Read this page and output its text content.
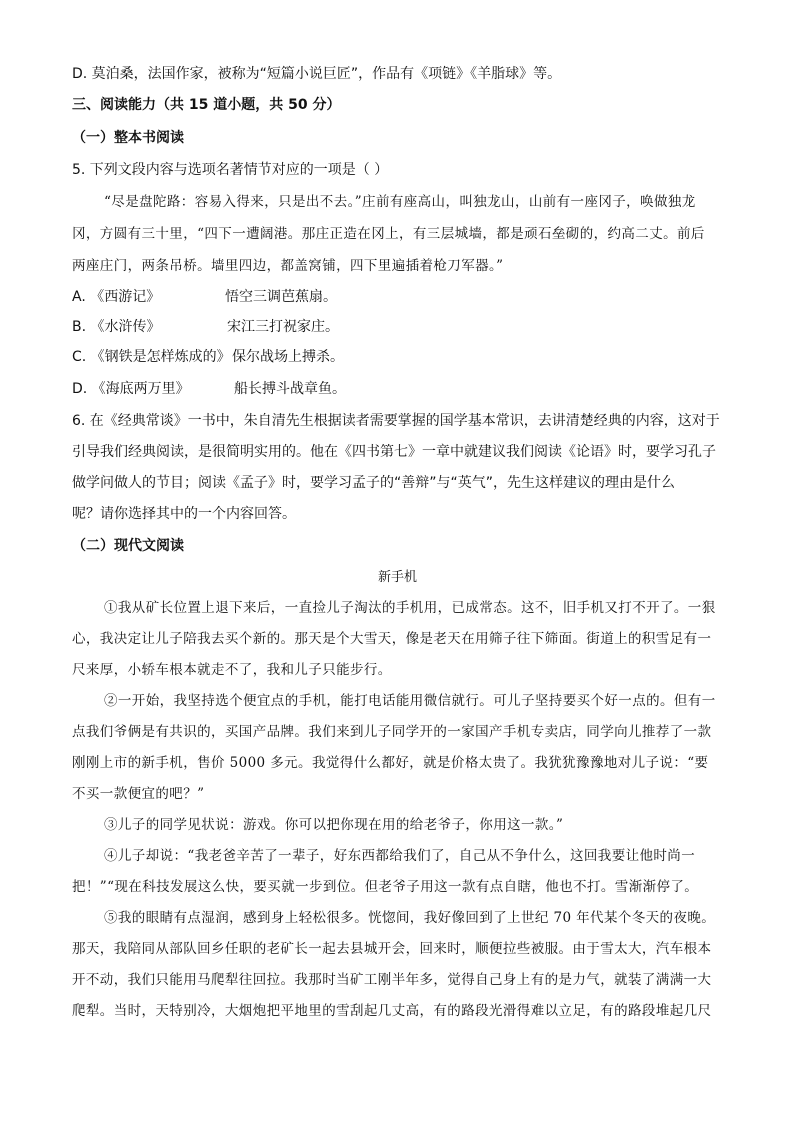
D. 莫泊桑，法国作家，被称为“短篇小说巨匠”，作品有《项链》《羊脂球》等。
三、阅读能力（共 15 道小题，共 50 分）
（一）整本书阅读
5. 下列文段内容与选项名著情节对应的一项是（ ）
“尽是盘陀路：容易入得来，只是出不去。”庄前有座高山，叫独龙山，山前有一座冈子，唤做独龙
冈，方圆有三十里，“四下一遭阔港。那庄正造在冈上，有三层城墙，都是顽石垒砌的，约高二丈。前后
两座庄门，两条吊桥。墙里四边，都盖窝铺，四下里遍插着枪刀军器。”
A. 《西游记》	悟空三调芭蕉扇。
B. 《水浒传》	宋江三打祝家庄。
C. 《钢铁是怎样炼成的》保尔战场上搏杀。
D. 《海底两万里》	船长搏斗战章鱼。
6. 在《经典常谈》一书中，朱自清先生根据读者需要掌握的国学基本常识，去讲清楚经典的内容，这对于
引导我们经典阅读，是很简明实用的。他在《四书第七》一章中就建议我们阅读《论语》时，要学习孔子
做学问做人的节目；阅读《孟子》时，要学习孟子的“善辩”与“英气”，先生这样建议的理由是什么
呢？请你选择其中的一个内容回答。
（二）现代文阅读
新手机
①我从矿长位置上退下来后，一直捡儿子淘汰的手机用，已成常态。这不，旧手机又打不开了。一狠
心，我决定让儿子陪我去买个新的。那天是个大雪天，像是老天在用筛子往下筛面。街道上的积雪足有一
尺来厚，小轿车根本就走不了，我和儿子只能步行。
②一开始，我坚持选个便宜点的手机，能打电话能用微信就行。可儿子坚持要买个好一点的。但有一
点我们爷俩是有共识的，买国产品牌。我们来到儿子同学开的一家国产手机专卖店，同学向儿推荐了一款
刚刚上市的新手机，售价 5000 多元。我觉得什么都好，就是价格太贵了。我犹犹豫豫地对儿子说：“要
不买一款便宜的吧？”
③儿子的同学见状说：游戏。你可以把你现在用的给老爷子，你用这一款。”
④儿子却说：“我老爸辛苦了一辈子，好东西都给我们了，自己从不争什么，这回我要让他时尚一
把！”“现在科技发展这么快，要买就一步到位。但老爷子用这一款有点自瞎，他也不打。雪渐渐停了。
⑤我的眼睛有点湿润，感到身上轻松很多。恍惚间，我好像回到了上世纪 70 年代某个冬天的夜晚。
那天，我陪同从部队回乡任职的老矿长一起去县城开会，回来时，顺便拉些被服。由于雪太大，汽车根本
开不动，我们只能用马爬犁往回拉。我那时当矿工刚半年多，觉得自己身上有的是力气，就装了满满一大
爬犁。当时，天特别冷，大烟炮把平地里的雪刮起几丈高，有的路段光滑得难以立足，有的路段堆起几尺
